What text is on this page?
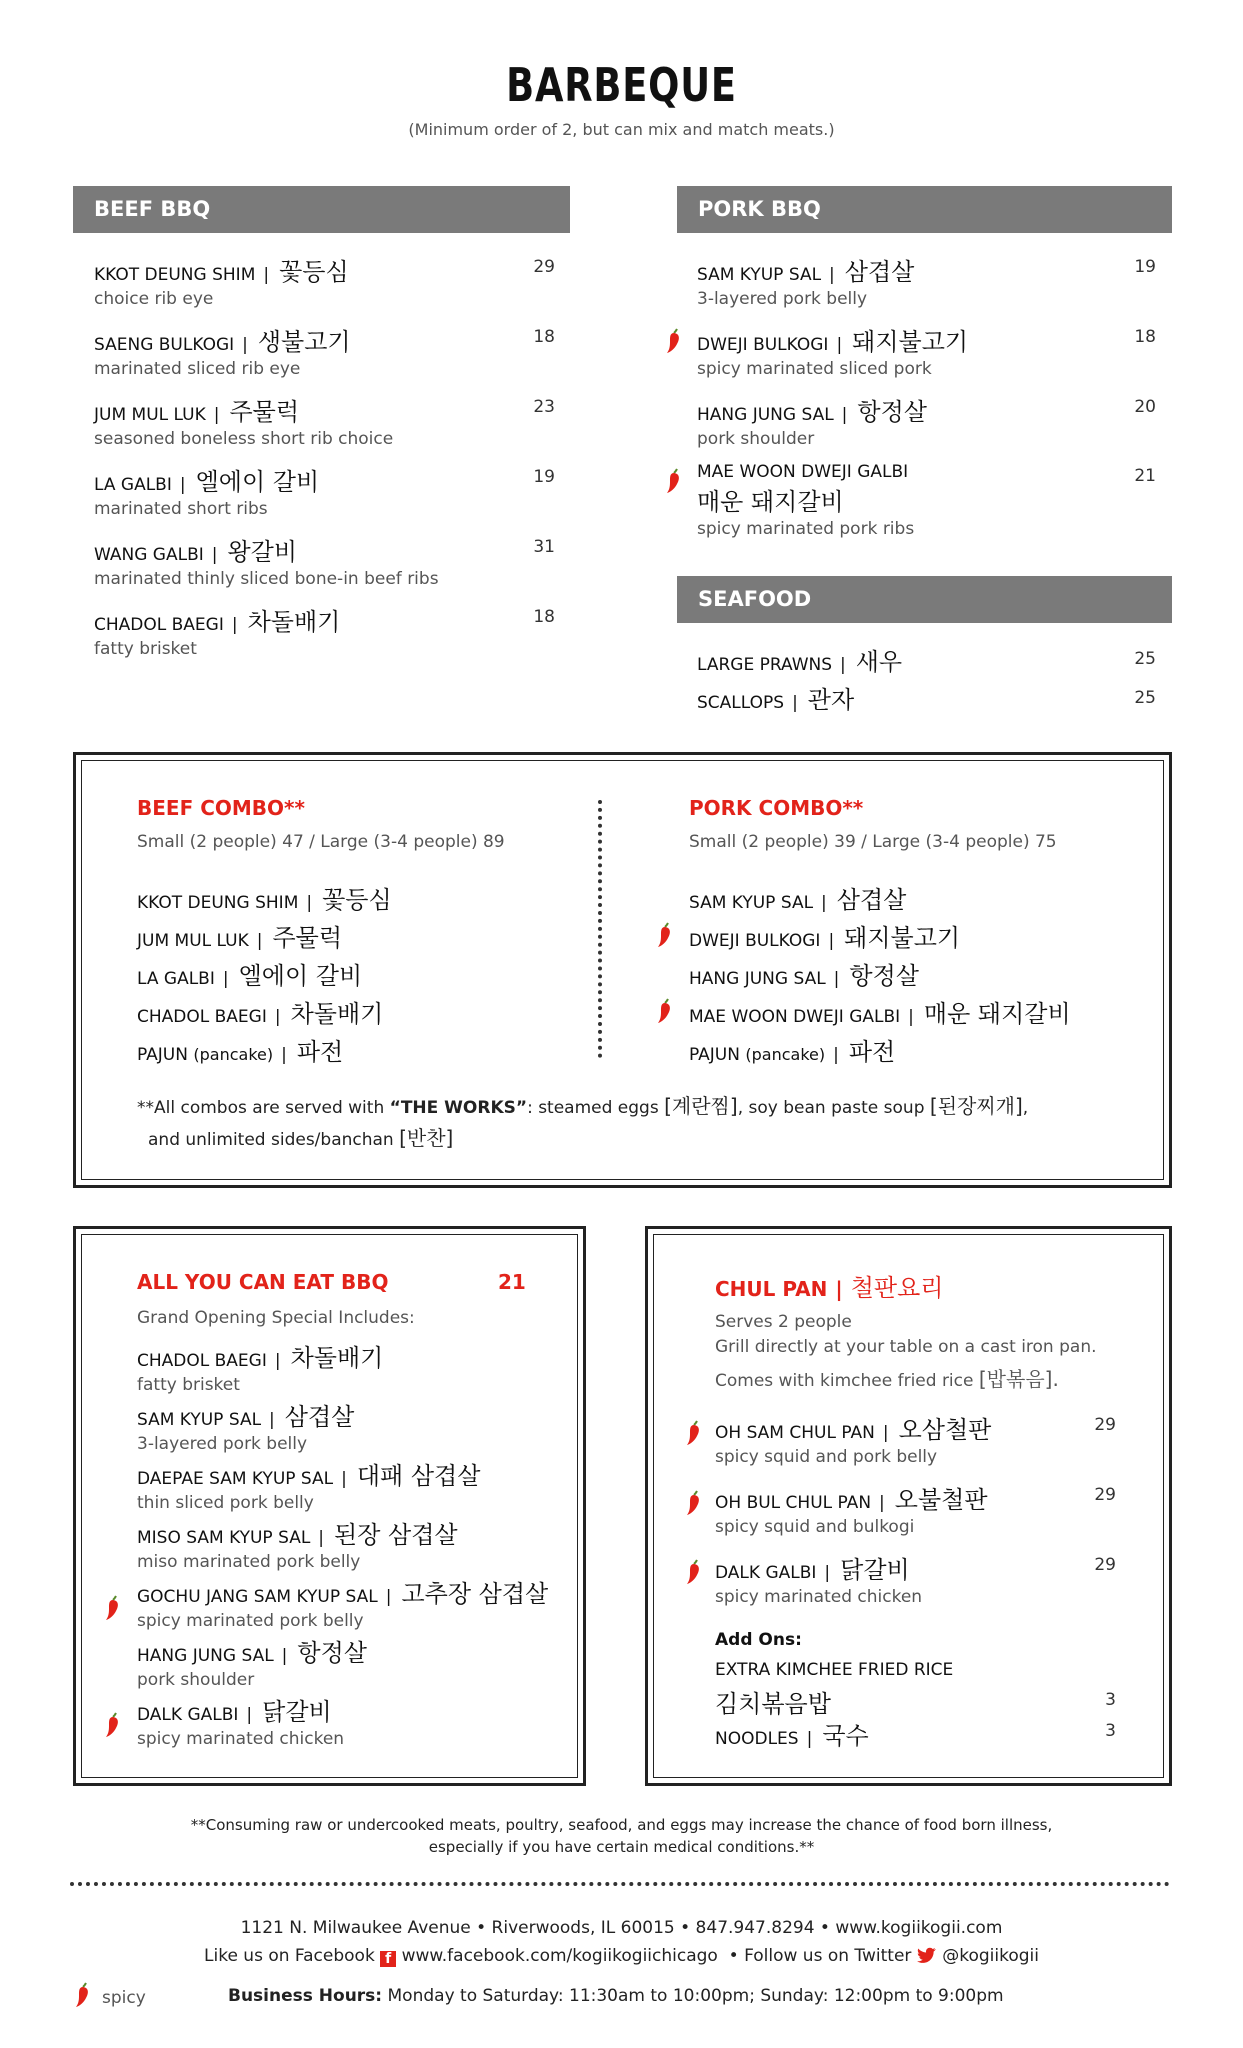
BARBEQUE
(Minimum order of 2, but can mix and match meats.)
BEEF BBQ
KKOT DEUNG SHIM | 꽃등심
choice rib eye
29
SAENG BULKOGI | 생불고기
marinated sliced rib eye
18
JUM MUL LUK | 주물럭
seasoned boneless short rib choice
23
LA GALBI | 엘에이 갈비
marinated short ribs
19
WANG GALBI | 왕갈비
marinated thinly sliced bone-in beef ribs
31
CHADOL BAEGI | 차돌배기
fatty brisket
18
PORK BBQ
SAM KYUP SAL | 삼겹살
3-layered pork belly
19
DWEJI BULKOGI | 돼지불고기
spicy marinated sliced pork
18
HANG JUNG SAL | 항정살
pork shoulder
20
MAE WOON DWEJI GALBI
매운 돼지갈비
spicy marinated pork ribs
21
SEAFOOD
LARGE PRAWNS | 새우	25
SCALLOPS | 관자	25
BEEF COMBO**
Small (2 people) 47 / Large (3-4 people) 89
KKOT DEUNG SHIM | 꽃등심
JUM MUL LUK | 주물럭
LA GALBI | 엘에이 갈비
CHADOL BAEGI | 차돌배기
PAJUN (pancake) | 파전
PORK COMBO**
Small (2 people) 39 / Large (3-4 people) 75
SAM KYUP SAL | 삼겹살
DWEJI BULKOGI | 돼지불고기
HANG JUNG SAL | 항정살
MAE WOON DWEJI GALBI | 매운 돼지갈비
PAJUN (pancake) | 파전
**All combos are served with “THE WORKS”: steamed eggs [계란찜], soy bean paste soup [된장찌개],
and unlimited sides/banchan [반찬]
ALL YOU CAN EAT BBQ	21
Grand Opening Special Includes:
CHADOL BAEGI | 차돌배기
fatty brisket
SAM KYUP SAL | 삼겹살
3-layered pork belly
DAEPAE SAM KYUP SAL | 대패 삼겹살
thin sliced pork belly
MISO SAM KYUP SAL | 된장 삼겹살
miso marinated pork belly
GOCHU JANG SAM KYUP SAL | 고추장 삼겹살
spicy marinated pork belly
HANG JUNG SAL | 항정살
pork shoulder
DALK GALBI | 닭갈비
spicy marinated chicken
CHUL PAN | 철판요리
Serves 2 people
Grill directly at your table on a cast iron pan.
Comes with kimchee fried rice [밥볶음].
OH SAM CHUL PAN | 오삼철판
spicy squid and pork belly
29
OH BUL CHUL PAN | 오불철판
spicy squid and bulkogi
29
DALK GALBI | 닭갈비
spicy marinated chicken
29
Add Ons:
EXTRA KIMCHEE FRIED RICE
김치볶음밥	3
NOODLES | 국수	3
**Consuming raw or undercooked meats, poultry, seafood, and eggs may increase the chance of food born illness,
especially if you have certain medical conditions.**
1121 N. Milwaukee Avenue • Riverwoods, IL 60015 • 847.947.8294 • www.kogiikogii.com
Like us on Facebook f www.facebook.com/kogiikogiichicago • Follow us on Twitter @kogiikogii
spicy	Business Hours: Monday to Saturday: 11:30am to 10:00pm; Sunday: 12:00pm to 9:00pm
